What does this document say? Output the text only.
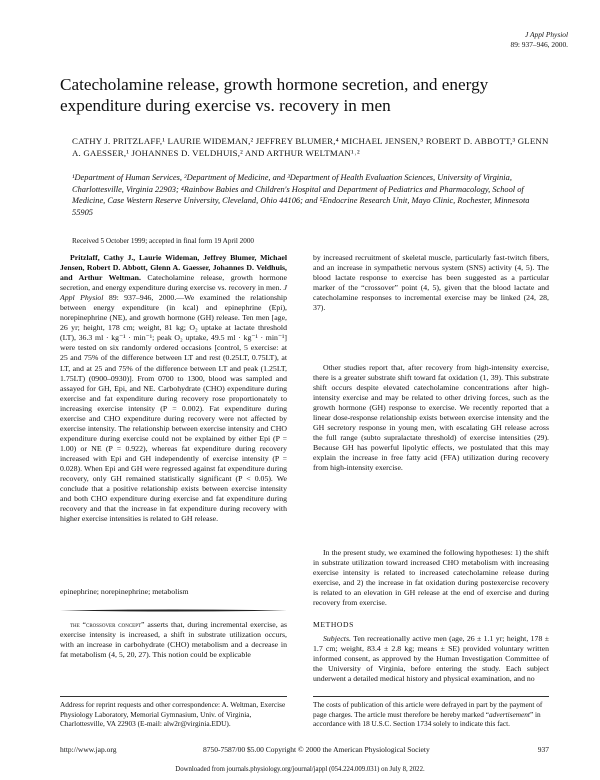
J Appl Physiol
89: 937–946, 2000.
Catecholamine release, growth hormone secretion, and energy expenditure during exercise vs. recovery in men
CATHY J. PRITZLAFF,¹ LAURIE WIDEMAN,² JEFFREY BLUMER,⁴ MICHAEL JENSEN,⁵ ROBERT D. ABBOTT,³ GLENN A. GAESSER,¹ JOHANNES D. VELDHUIS,² AND ARTHUR WELTMAN¹˒²
¹Department of Human Services, ²Department of Medicine, and ³Department of Health Evaluation Sciences, University of Virginia, Charlottesville, Virginia 22903; ⁴Rainbow Babies and Children's Hospital and Department of Pediatrics and Pharmacology, School of Medicine, Case Western Reserve University, Cleveland, Ohio 44106; and ⁵Endocrine Research Unit, Mayo Clinic, Rochester, Minnesota 55905
Received 5 October 1999; accepted in final form 19 April 2000

Pritzlaff, Cathy J., Laurie Wideman, Jeffrey Blumer, Michael Jensen, Robert D. Abbott, Glenn A. Gaesser, Johannes D. Veldhuis, and Arthur Weltman. Catecholamine release, growth hormone secretion, and energy expenditure during exercise vs. recovery in men. J Appl Physiol 89: 937–946, 2000.—We examined the relationship between energy expenditure (in kcal) and epinephrine (Epi), norepinephrine (NE), and growth hormone (GH) release. Ten men [age, 26 yr; height, 178 cm; weight, 81 kg; O₂ uptake at lactate threshold (LT), 36.3 ml · kg⁻¹ · min⁻¹; peak O₂ uptake, 49.5 ml · kg⁻¹ · min⁻¹] were tested on six randomly ordered occasions [control, 5 exercise: at 25 and 75% of the difference between LT and rest (0.25LT, 0.75LT), at LT, and at 25 and 75% of the difference between LT and peak (1.25LT, 1.75LT) (0900–0930)]. From 0700 to 1300, blood was sampled and assayed for GH, Epi, and NE. Carbohydrate (CHO) expenditure during exercise and fat expenditure during recovery rose proportionately to increasing exercise intensity (P = 0.002). Fat expenditure during exercise and CHO expenditure during recovery were not affected by exercise intensity. The relationship between exercise intensity and CHO expenditure during exercise could not be explained by either Epi (P = 1.00) or NE (P = 0.922), whereas fat expenditure during recovery increased with Epi and GH independently of exercise intensity (P = 0.028). When Epi and GH were regressed against fat expenditure during recovery, only GH remained statistically significant (P < 0.05). We conclude that a positive relationship exists between exercise intensity and both CHO expenditure during exercise and fat expenditure during recovery and that the increase in fat expenditure during recovery with higher exercise intensities is related to GH release.

epinephrine; norepinephrine; metabolism

the “crossover concept” asserts that, during incremental exercise, as exercise intensity is increased, a shift in substrate utilization occurs, with an increase in carbohydrate (CHO) metabolism and a decrease in fat metabolism (4, 5, 20, 27). This notion could be explicable

by increased recruitment of skeletal muscle, particularly fast-twitch fibers, and an increase in sympathetic nervous system (SNS) activity (4, 5). The blood lactate response to exercise has been suggested as a particular marker of the “crossover” point (4, 5), given that the blood lactate and catecholamine responses to incremental exercise may be linked (24, 28, 37).

Other studies report that, after recovery from high-intensity exercise, there is a greater substrate shift toward fat oxidation (1, 39). This substrate shift occurs despite elevated catecholamine concentrations after high-intensity exercise and may be related to other driving forces, such as the growth hormone (GH) response to exercise. We recently reported that a linear dose-response relationship exists between exercise intensity and the GH secretory response in young men, with escalating GH release across the full range (subto supralactate threshold) of exercise intensities (29). Because GH has powerful lipolytic effects, we postulated that this may explain the increase in free fatty acid (FFA) utilization during recovery from high-intensity exercise.

In the present study, we examined the following hypotheses: 1) the shift in substrate utilization toward increased CHO metabolism with increasing exercise intensity is related to increased catecholamine release during exercise, and 2) the increase in fat oxidation during postexercise recovery is related to an elevation in GH release at the end of exercise and during recovery from exercise.

METHODS

Subjects. Ten recreationally active men (age, 26 ± 1.1 yr; height, 178 ± 1.7 cm; weight, 83.4 ± 2.8 kg; means ± SE) provided voluntary written informed consent, as approved by the Human Investigation Committee of the University of Virginia, before entering the study. Each subject underwent a detailed medical history and physical examination, and no

Address for reprint requests and other correspondence: A. Weltman, Exercise Physiology Laboratory, Memorial Gymnasium, Univ. of Virginia, Charlottesville, VA 22903 (E-mail: alw2r@virginia.EDU).
The costs of publication of this article were defrayed in part by the payment of page charges. The article must therefore be hereby marked “advertisement” in accordance with 18 U.S.C. Section 1734 solely to indicate this fact.
http://www.jap.org	8750-7587/00 $5.00 Copyright © 2000 the American Physiological Society	937
Downloaded from journals.physiology.org/journal/jappl (054.224.009.031) on July 8, 2022.
